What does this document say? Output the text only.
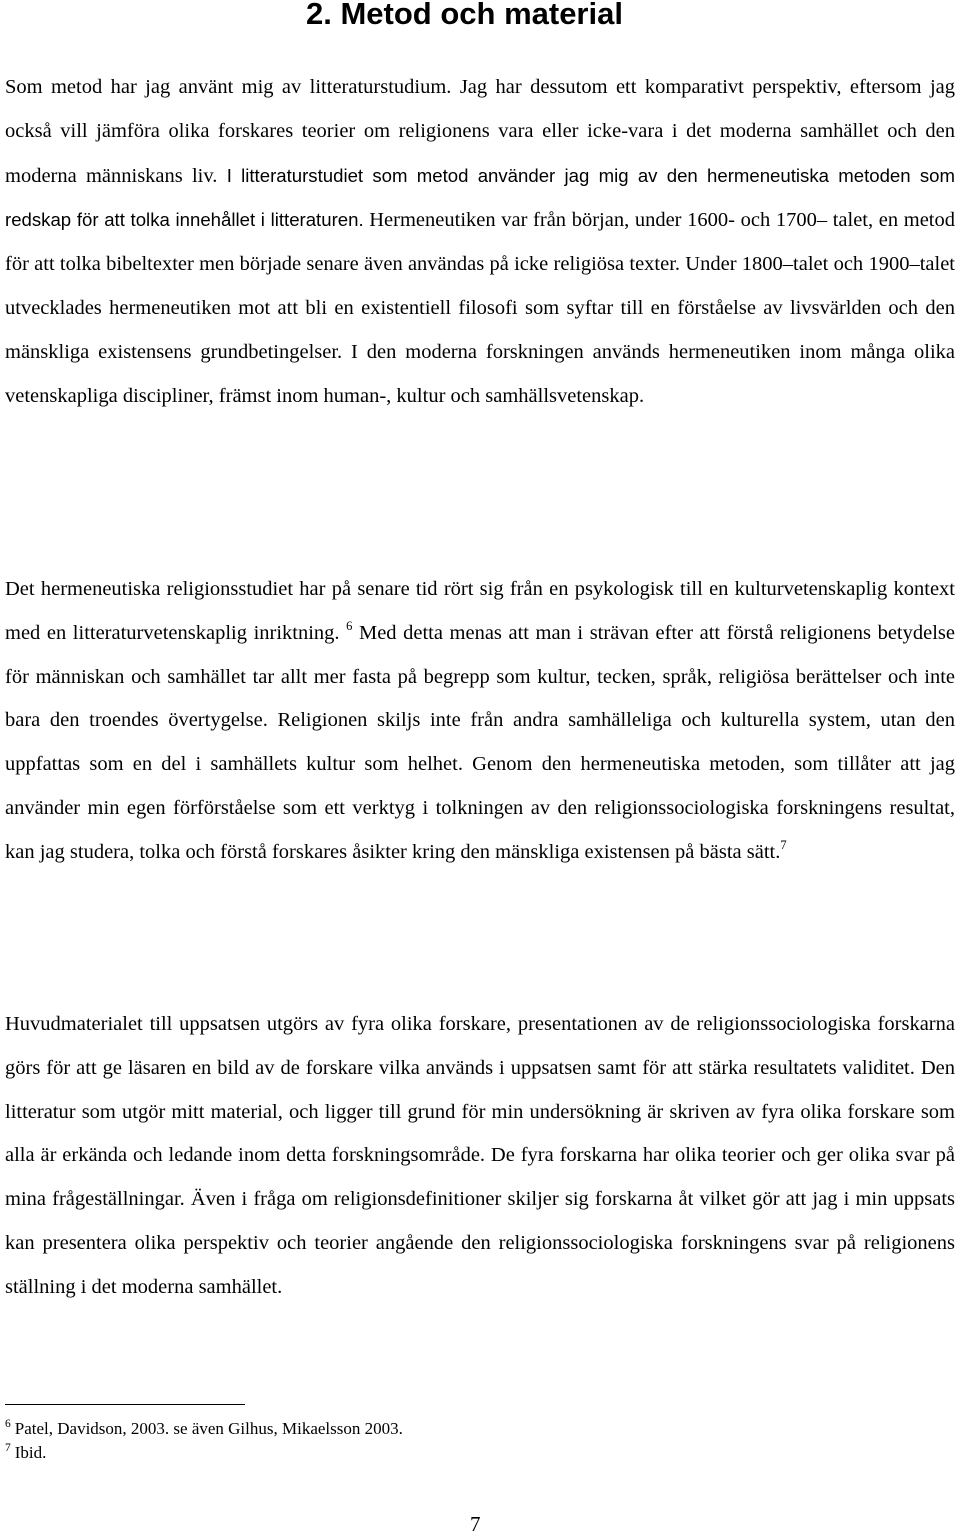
2. Metod och material

Som metod har jag använt mig av litteraturstudium. Jag har dessutom ett komparativt perspektiv, eftersom jag också vill jämföra olika forskares teorier om religionens vara eller icke-vara i det moderna samhället och den moderna människans liv. I litteraturstudiet som metod använder jag mig av den hermeneutiska metoden som redskap för att tolka innehållet i litteraturen. Hermeneutiken var från början, under 1600- och 1700– talet, en metod för att tolka bibeltexter men började senare även användas på icke religiösa texter. Under 1800–talet och 1900–talet utvecklades hermeneutiken mot att bli en existentiell filosofi som syftar till en förståelse av livsvärlden och den mänskliga existensens grundbetingelser. I den moderna forskningen används hermeneutiken inom många olika vetenskapliga discipliner, främst inom human-, kultur och samhällsvetenskap.

Det hermeneutiska religionsstudiet har på senare tid rört sig från en psykologisk till en kulturvetenskaplig kontext med en litteraturvetenskaplig inriktning. $^6$ Med detta menas att man i strävan efter att förstå religionens betydelse för människan och samhället tar allt mer fasta på begrepp som kultur, tecken, språk, religiösa berättelser och inte bara den troendes övertygelse. Religionen skiljs inte från andra samhälleliga och kulturella system, utan den uppfattas som en del i samhällets kultur som helhet. Genom den hermeneutiska metoden, som tillåter att jag använder min egen förförståelse som ett verktyg i tolkningen av den religionssociologiska forskningens resultat, kan jag studera, tolka och förstå forskares åsikter kring den mänskliga existensen på bästa sätt.$^7$

Huvudmaterialet till uppsatsen utgörs av fyra olika forskare, presentationen av de religionssociologiska forskarna görs för att ge läsaren en bild av de forskare vilka används i uppsatsen samt för att stärka resultatets validitet. Den litteratur som utgör mitt material, och ligger till grund för min undersökning är skriven av fyra olika forskare som alla är erkända och ledande inom detta forskningsområde. De fyra forskarna har olika teorier och ger olika svar på mina frågeställningar. Även i fråga om religionsdefinitioner skiljer sig forskarna åt vilket gör att jag i min uppsats kan presentera olika perspektiv och teorier angående den religionssociologiska forskningens svar på religionens ställning i det moderna samhället.

$^6$ Patel, Davidson, 2003. se även Gilhus, Mikaelsson 2003.

$^7$ Ibid.

7
